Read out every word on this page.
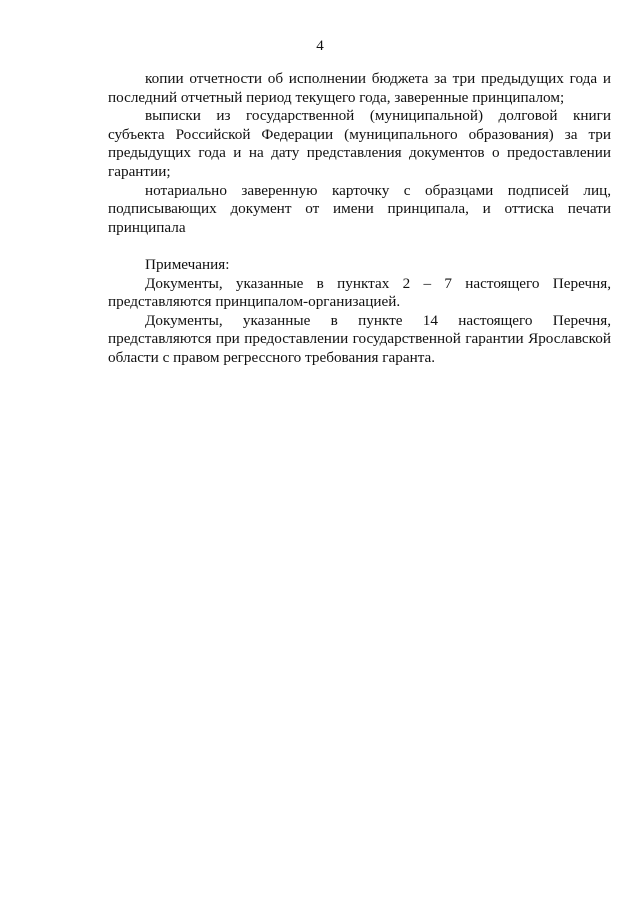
4

копии отчетности об исполнении бюджета за три предыдущих года и последний отчетный период текущего года, заверенные принципалом;

выписки из государственной (муниципальной) долговой книги субъекта Российской Федерации (муниципального образования) за три предыдущих года и на дату представления документов о предоставлении гарантии;

нотариально заверенную карточку с образцами подписей лиц, подписывающих документ от имени принципала, и оттиска печати принципала

Примечания:

Документы, указанные в пунктах 2 – 7 настоящего Перечня, представляются принципалом-организацией.

Документы, указанные в пункте 14 настоящего Перечня, представляются при предоставлении государственной гарантии Ярославской области с правом регрессного требования гаранта.
